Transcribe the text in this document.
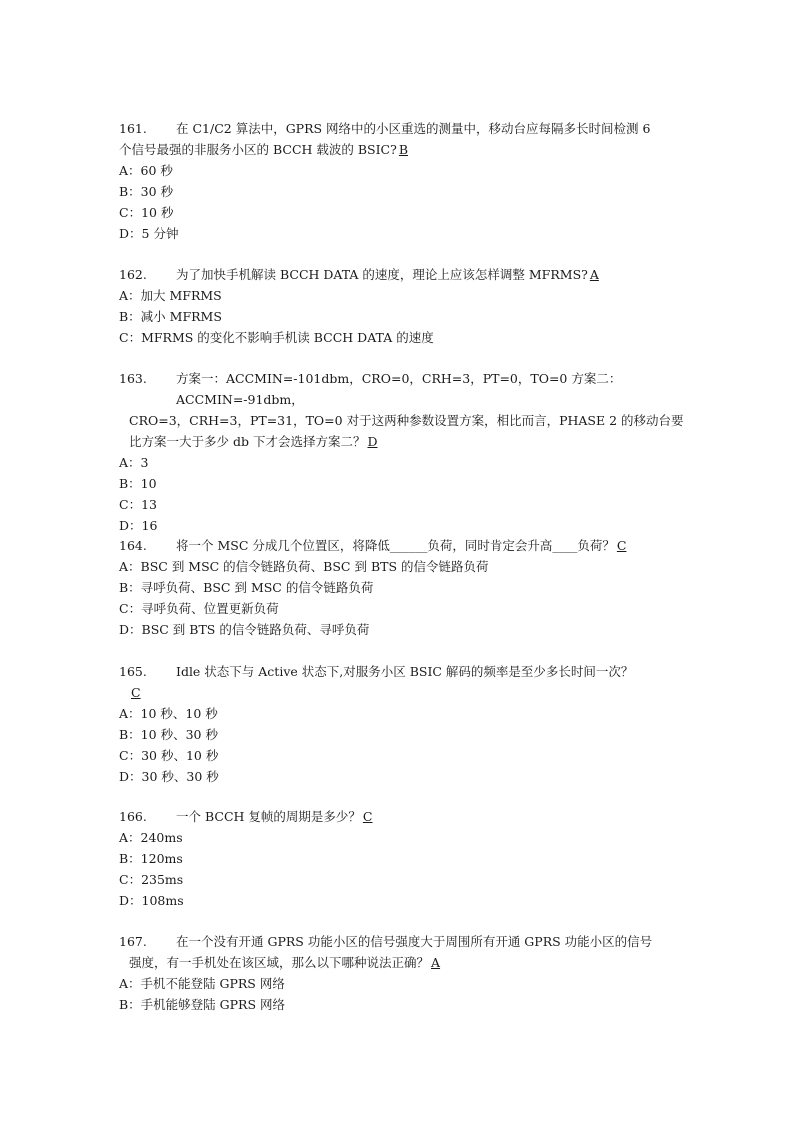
161.	在 C1/C2 算法中，GPRS 网络中的小区重选的测量中，移动台应每隔多长时间检测 6
个信号最强的非服务小区的 BCCH 载波的 BSIC? B
A：60 秒
B：30 秒
C：10 秒
D：5 分钟
162.	为了加快手机解读 BCCH DATA 的速度，理论上应该怎样调整 MFRMS? A
A：加大 MFRMS
B：减小 MFRMS
C：MFRMS 的变化不影响手机读 BCCH DATA 的速度
163.	方案一：ACCMIN=-101dbm，CRO=0，CRH=3，PT=0，TO=0 方案二：ACCMIN=-91dbm，
CRO=3，CRH=3，PT=31，TO=0 对于这两种参数设置方案，相比而言，PHASE 2 的移动台要
比方案一大于多少 db 下才会选择方案二？ D
A：3
B：10
C：13
D：16
164.	将一个 MSC 分成几个位置区，将降低______负荷，同时肯定会升高____负荷？ C
A：BSC 到 MSC 的信令链路负荷、BSC 到 BTS 的信令链路负荷
B：寻呼负荷、BSC 到 MSC 的信令链路负荷
C：寻呼负荷、位置更新负荷
D：BSC 到 BTS 的信令链路负荷、寻呼负荷
165.	Idle 状态下与 Active 状态下,对服务小区 BSIC 解码的频率是至少多长时间一次？
C
A：10 秒、10 秒
B：10 秒、30 秒
C：30 秒、10 秒
D：30 秒、30 秒
166.	一个 BCCH 复帧的周期是多少？ C
A：240ms
B：120ms
C：235ms
D：108ms
167.	在一个没有开通 GPRS 功能小区的信号强度大于周围所有开通 GPRS 功能小区的信号
强度，有一手机处在该区域，那么以下哪种说法正确？ A
A：手机不能登陆 GPRS 网络
B：手机能够登陆 GPRS 网络
